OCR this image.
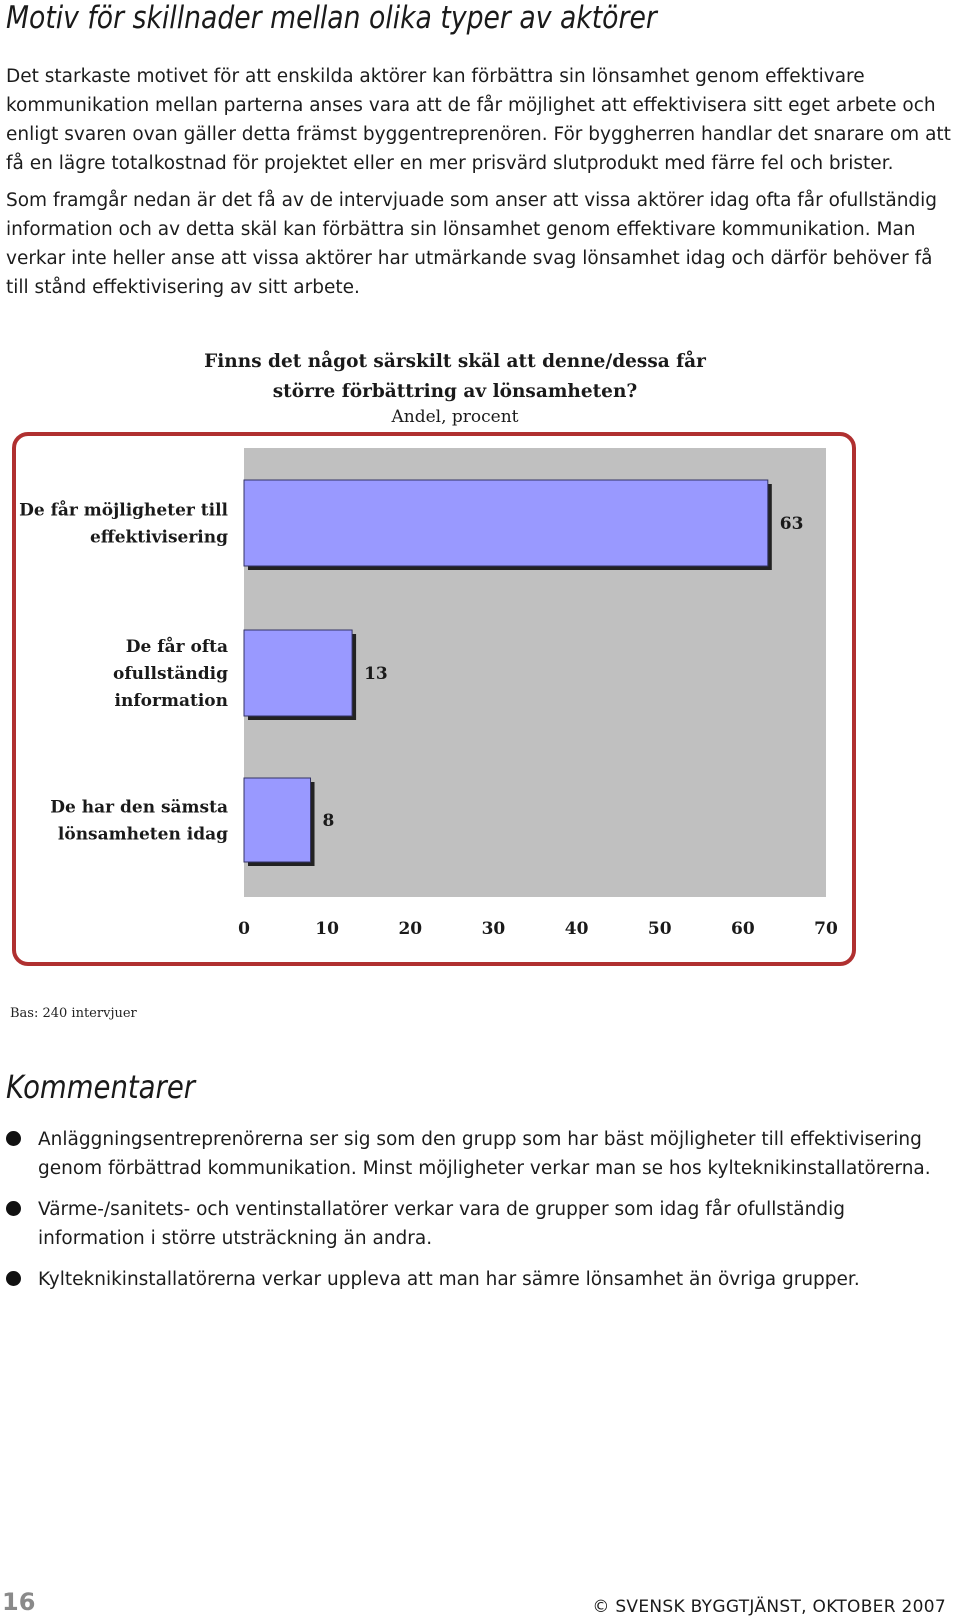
Motiv för skillnader mellan olika typer av aktörer

Det starkaste motivet för att enskilda aktörer kan förbättra sin lönsamhet genom effektivare kommunikation mellan parterna anses vara att de får möjlighet att effektivisera sitt eget arbete och enligt svaren ovan gäller detta främst byggentreprenören. För byggherren handlar det snarare om att få en lägre totalkostnad för projektet eller en mer prisvärd slutprodukt med färre fel och brister.

Som framgår nedan är det få av de intervjuade som anser att vissa aktörer idag ofta får ofullständig information och av detta skäl kan förbättra sin lönsamhet genom effektivare kommunikation. Man verkar inte heller anse att vissa aktörer har utmärkande svag lönsamhet idag och därför behöver få till stånd effektivisering av sitt arbete.

Finns det något särskilt skäl att denne/dessa får större förbättring av lönsamheten?
Andel, procent
63
De får möjligheter till
effektivisering
13
De får ofta
ofullständig
information
8
De har den sämsta
lönsamheten idag
0	10	20	30	40	50	60	70
Bas: 240 intervjuer
Kommentarer
Anläggningsentreprenörerna ser sig som den grupp som har bäst möjligheter till effektivisering genom förbättrad kommunikation. Minst möjligheter verkar man se hos kylteknikinstallatörerna.
Värme-/sanitets- och ventinstallatörer verkar vara de grupper som idag får ofullständig information i större utsträckning än andra.
Kylteknikinstallatörerna verkar uppleva att man har sämre lönsamhet än övriga grupper.
16	© SVENSK BYGGTJÄNST, OKTOBER 2007
